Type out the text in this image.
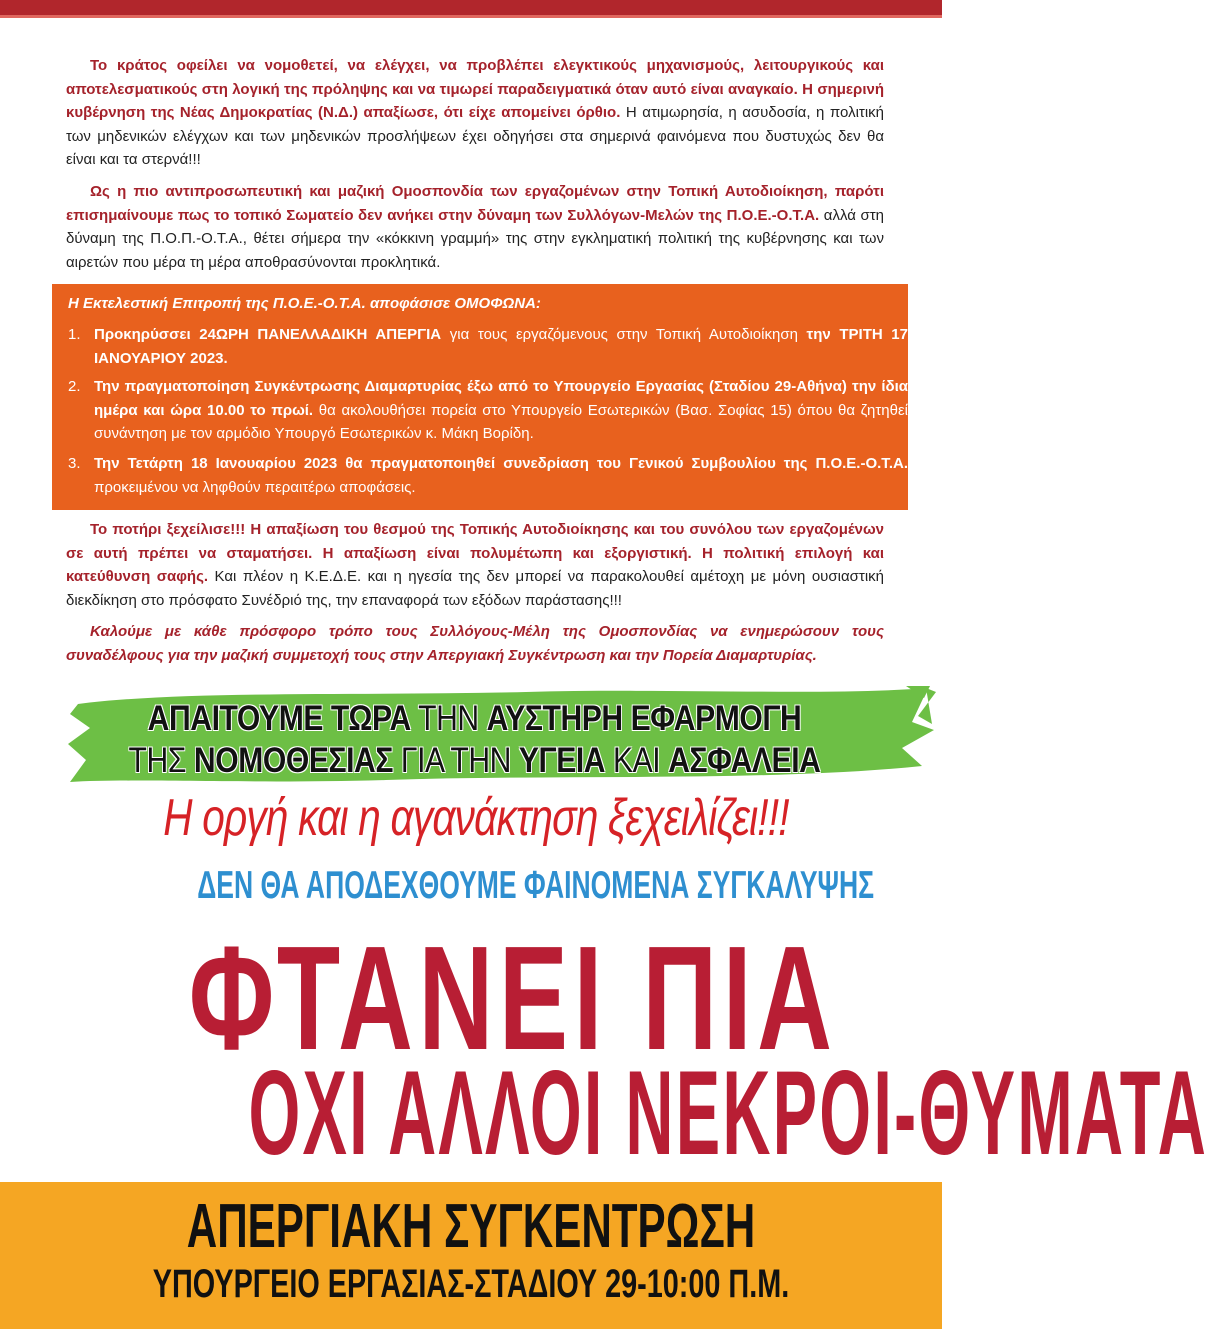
Το κράτος οφείλει να νομοθετεί, να ελέγχει, να προβλέπει ελεγκτικούς μηχανισμούς, λειτουργικούς και αποτελεσματικούς στη λογική της πρόληψης και να τιμωρεί παραδειγματικά όταν αυτό είναι αναγκαίο. Η σημερινή κυβέρνηση της Νέας Δημοκρατίας (Ν.Δ.) απαξίωσε, ότι είχε απομείνει όρθιο. Η ατιμωρησία, η ασυδοσία, η πολιτική των μηδενικών ελέγχων και των μηδενικών προσλήψεων έχει οδηγήσει στα σημερινά φαινόμενα που δυστυχώς δεν θα είναι και τα στερνά!!!

Ως η πιο αντιπροσωπευτική και μαζική Ομοσπονδία των εργαζομένων στην Τοπική Αυτοδιοίκηση, παρότι επισημαίνουμε πως το τοπικό Σωματείο δεν ανήκει στην δύναμη των Συλλόγων-Μελών της Π.Ο.Ε.-Ο.Τ.Α. αλλά στη δύναμη της Π.Ο.Π.-Ο.Τ.Α., θέτει σήμερα την «κόκκινη γραμμή» της στην εγκληματική πολιτική της κυβέρνησης και των αιρετών που μέρα τη μέρα αποθρασύνονται προκλητικά.

Η Εκτελεστική Επιτροπή της Π.Ο.Ε.-Ο.Τ.Α. αποφάσισε ΟΜΟΦΩΝΑ:
1. Προκηρύσσει 24ΩΡΗ ΠΑΝΕΛΛΑΔΙΚΗ ΑΠΕΡΓΙΑ για τους εργαζόμενους στην Τοπική Αυτοδιοίκηση την ΤΡΙΤΗ 17 ΙΑΝΟΥΑΡΙΟΥ 2023.
2. Την πραγματοποίηση Συγκέντρωσης Διαμαρτυρίας έξω από το Υπουργείο Εργασίας (Σταδίου 29-Αθήνα) την ίδια ημέρα και ώρα 10.00 το πρωί. θα ακολουθήσει πορεία στο Υπουργείο Εσωτερικών (Βασ. Σοφίας 15) όπου θα ζητηθεί συνάντηση με τον αρμόδιο Υπουργό Εσωτερικών κ. Μάκη Βορίδη.
3. Την Τετάρτη 18 Ιανουαρίου 2023 θα πραγματοποιηθεί συνεδρίαση του Γενικού Συμβουλίου της Π.Ο.Ε.-Ο.Τ.Α. προκειμένου να ληφθούν περαιτέρω αποφάσεις.

Το ποτήρι ξεχείλισε!!! Η απαξίωση του θεσμού της Τοπικής Αυτοδιοίκησης και του συνόλου των εργαζομένων σε αυτή πρέπει να σταματήσει. Η απαξίωση είναι πολυμέτωπη και εξοργιστική. Η πολιτική επιλογή και κατεύθυνση σαφής. Και πλέον η Κ.Ε.Δ.Ε. και η ηγεσία της δεν μπορεί να παρακολουθεί αμέτοχη με μόνη ουσιαστική διεκδίκηση στο πρόσφατο Συνέδριό της, την επαναφορά των εξόδων παράστασης!!!

Καλούμε με κάθε πρόσφορο τρόπο τους Συλλόγους-Μέλη της Ομοσπονδίας να ενημερώσουν τους συναδέλφους για την μαζική συμμετοχή τους στην Απεργιακή Συγκέντρωση και την Πορεία Διαμαρτυρίας.

ΑΠΑΙΤΟΥΜΕ ΤΩΡΑ ΤΗΝ ΑΥΣΤΗΡΗ ΕΦΑΡΜΟΓΗ
ΤΗΣ ΝΟΜΟΘΕΣΙΑΣ ΓΙΑ ΤΗΝ ΥΓΕΙΑ ΚΑΙ ΑΣΦΑΛΕΙΑ
Η οργή και η αγανάκτηση ξεχειλίζει!!!
ΔΕΝ ΘΑ ΑΠΟΔΕΧΘΟΥΜΕ ΦΑΙΝΟΜΕΝΑ ΣΥΓΚΑΛΥΨΗΣ
ΦΤΑΝΕΙ ΠΙΑ
ΟΧΙ ΑΛΛΟΙ ΝΕΚΡΟΙ-ΘΥΜΑΤΑ
ΑΠΕΡΓΙΑΚΗ ΣΥΓΚΕΝΤΡΩΣΗ
ΥΠΟΥΡΓΕΙΟ ΕΡΓΑΣΙΑΣ-ΣΤΑΔΙΟΥ 29-10:00 Π.Μ.
